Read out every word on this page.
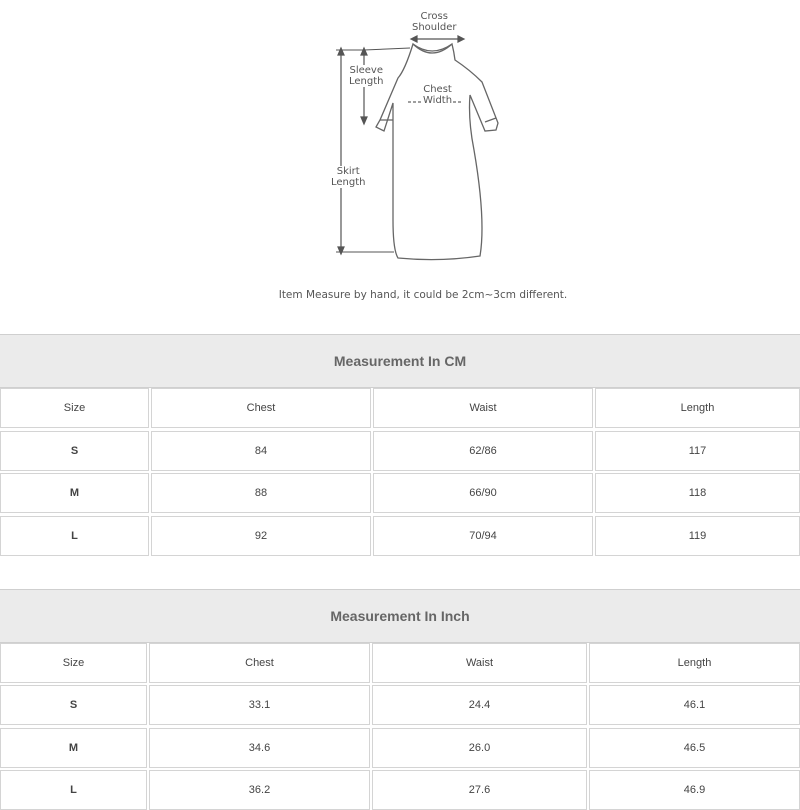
Cross
Shoulder
Sleeve
Length
Chest
Width
Skirt
Length
Item Measure by hand, it could be 2cm~3cm different.
Measurement In CM
Size	Chest	Waist	Length
S	84	62/86	117
M	88	66/90	118
L	92	70/94	119
Measurement In Inch
Size	Chest	Waist	Length
S	33.1	24.4	46.1
M	34.6	26.0	46.5
L	36.2	27.6	46.9
